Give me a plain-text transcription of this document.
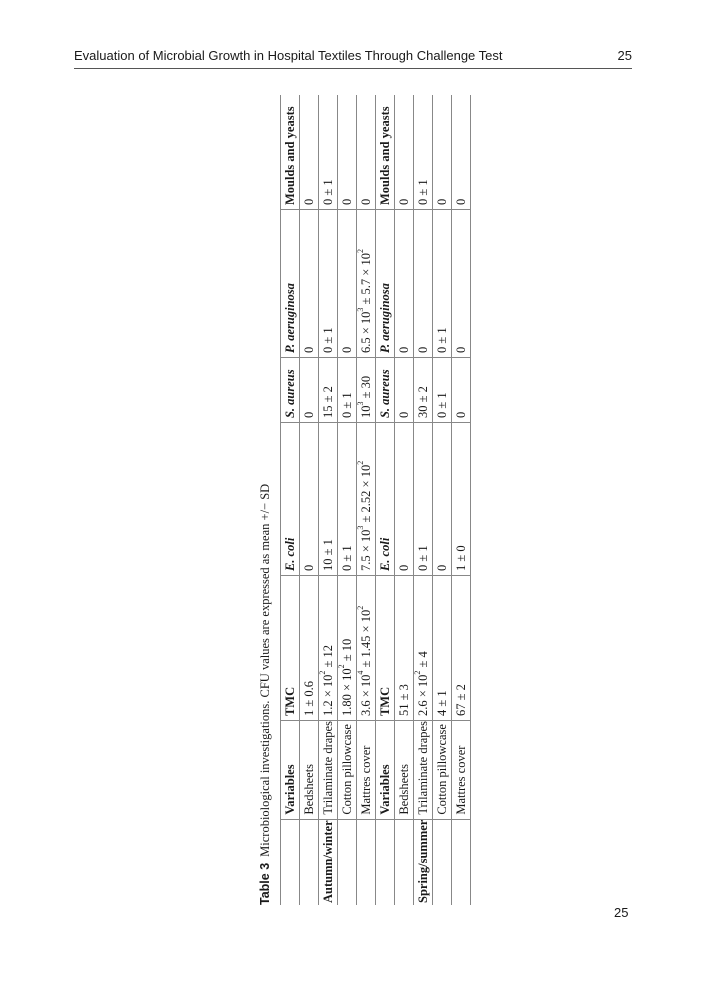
Evaluation of Microbial Growth in Hospital Textiles Through Challenge Test	25
Table 3Microbiological investigations. CFU values are expressed as mean +/− SD
	Variables	TMC	E. coli	S. aureus	P. aeruginosa	Moulds and yeasts
	Bedsheets	1 ± 0.6	0	0	0	0
Autumn/winter	Trilaminate drapes	$1.2 \times 10^2 \pm 12$	10 ± 1	15 ± 2	0 ± 1	0 ± 1
	Cotton pillowcase	$1.80 \times 10^2 \pm 10$	0 ± 1	0 ± 1	0	0
	Mattres cover	$3.6 \times 10^4 \pm 1.45 \times 10^2$	$7.5 \times 10^3 \pm 2.52 \times 10^2$	$10^3 \pm 30$	$6.5 \times 10^3 \pm 5.7 \times 10^2$	0
	Variables	TMC	E. coli	S. aureus	P. aeruginosa	Moulds and yeasts
	Bedsheets	51 ± 3	0	0	0	0
Spring/summer	Trilaminate drapes	$2.6 \times 10^2 \pm 4$	0 ± 1	30 ± 2	0	0 ± 1
	Cotton pillowcase	4 ± 1	0	0 ± 1	0 ± 1	0
	Mattres cover	67 ± 2	1 ± 0	0	0	0
25
